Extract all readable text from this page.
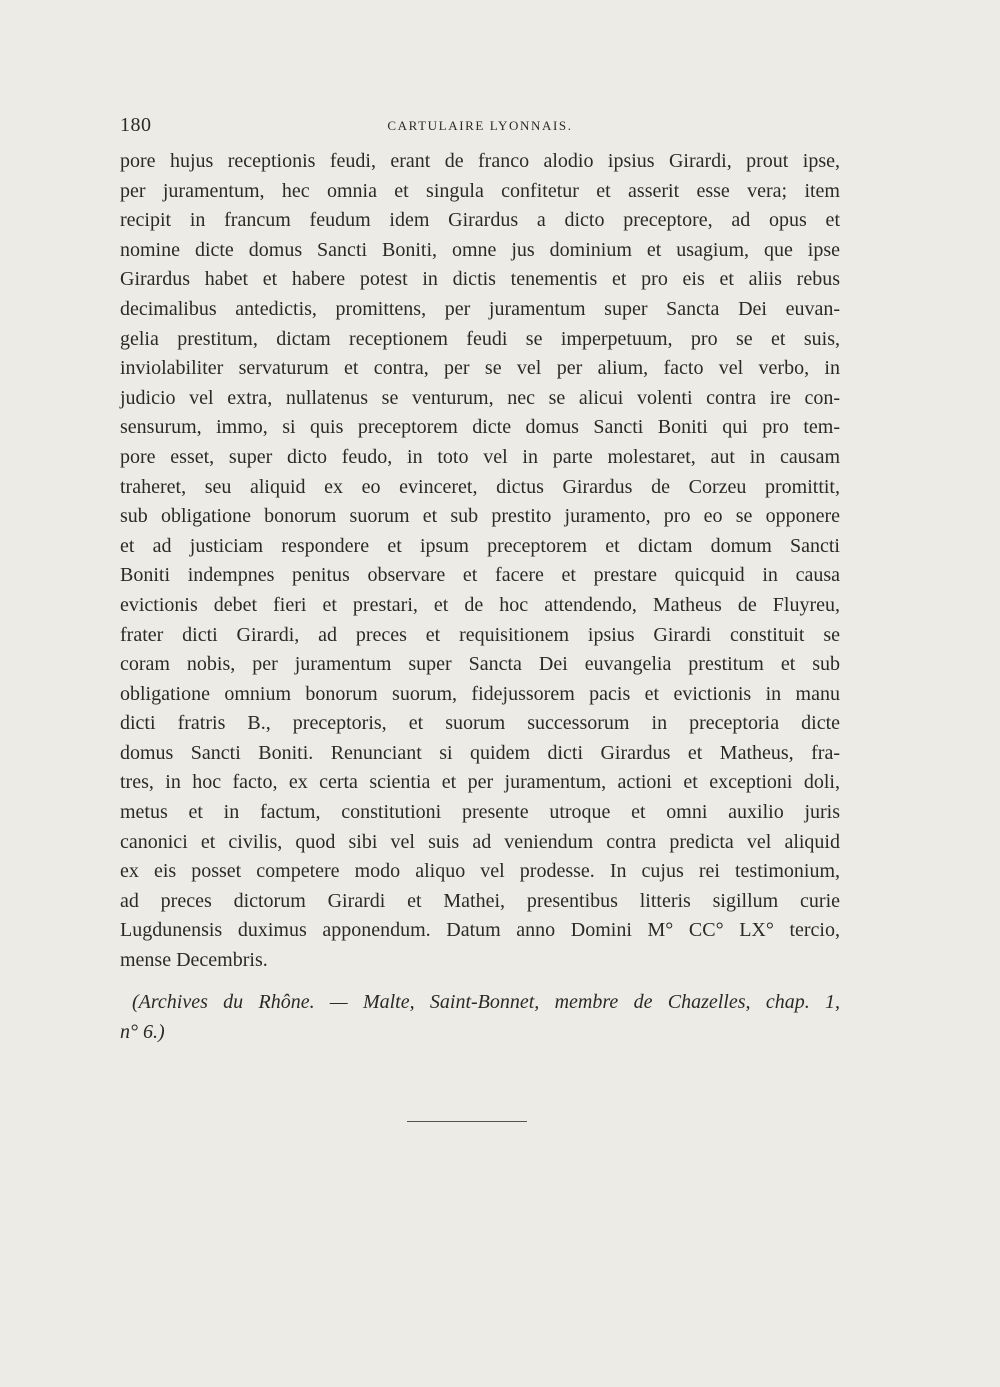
180	CARTULAIRE LYONNAIS.
pore hujus receptionis feudi, erant de franco alodio ipsius Girardi, prout ipse,
per juramentum, hec omnia et singula confitetur et asserit esse vera; item
recipit in francum feudum idem Girardus a dicto preceptore, ad opus et
nomine dicte domus Sancti Boniti, omne jus dominium et usagium, que ipse
Girardus habet et habere potest in dictis tenementis et pro eis et aliis rebus
decimalibus antedictis, promittens, per juramentum super Sancta Dei euvan-
gelia prestitum, dictam receptionem feudi se imperpetuum, pro se et suis,
inviolabiliter servaturum et contra, per se vel per alium, facto vel verbo, in
judicio vel extra, nullatenus se venturum, nec se alicui volenti contra ire con-
sensurum, immo, si quis preceptorem dicte domus Sancti Boniti qui pro tem-
pore esset, super dicto feudo, in toto vel in parte molestaret, aut in causam
traheret, seu aliquid ex eo evinceret, dictus Girardus de Corzeu promittit,
sub obligatione bonorum suorum et sub prestito juramento, pro eo se opponere
et ad justiciam respondere et ipsum preceptorem et dictam domum Sancti
Boniti indempnes penitus observare et facere et prestare quicquid in causa
evictionis debet fieri et prestari, et de hoc attendendo, Matheus de Fluyreu,
frater dicti Girardi, ad preces et requisitionem ipsius Girardi constituit se
coram nobis, per juramentum super Sancta Dei euvangelia prestitum et sub
obligatione omnium bonorum suorum, fidejussorem pacis et evictionis in manu
dicti fratris B., preceptoris, et suorum successorum in preceptoria dicte
domus Sancti Boniti. Renunciant si quidem dicti Girardus et Matheus, fra-
tres, in hoc facto, ex certa scientia et per juramentum, actioni et exceptioni doli,
metus et in factum, constitutioni presente utroque et omni auxilio juris
canonici et civilis, quod sibi vel suis ad veniendum contra predicta vel aliquid
ex eis posset competere modo aliquo vel prodesse. In cujus rei testimonium,
ad preces dictorum Girardi et Mathei, presentibus litteris sigillum curie
Lugdunensis duximus apponendum. Datum anno Domini M° CC° LX° tercio,
mense Decembris.
(Archives du Rhône. — Malte, Saint-Bonnet, membre de Chazelles, chap. 1,
n° 6.)
